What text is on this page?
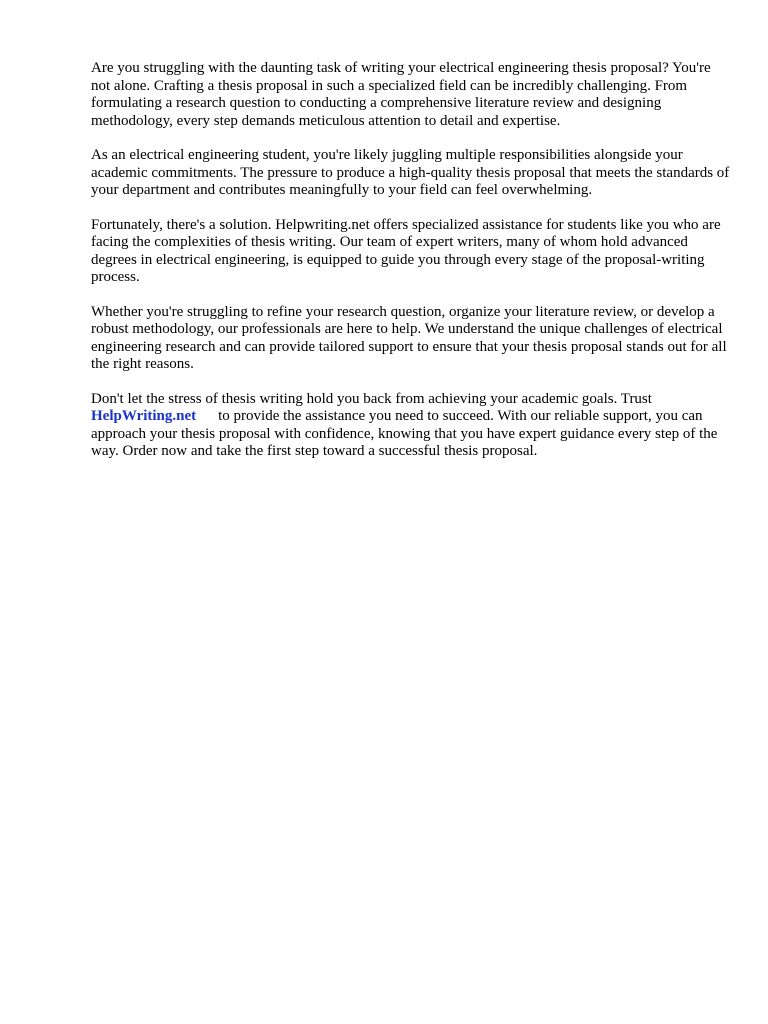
Are you struggling with the daunting task of writing your electrical engineering thesis proposal? You're not alone. Crafting a thesis proposal in such a specialized field can be incredibly challenging. From formulating a research question to conducting a comprehensive literature review and designing methodology, every step demands meticulous attention to detail and expertise.

As an electrical engineering student, you're likely juggling multiple responsibilities alongside your academic commitments. The pressure to produce a high-quality thesis proposal that meets the standards of your department and contributes meaningfully to your field can feel overwhelming.

Fortunately, there's a solution. Helpwriting.net offers specialized assistance for students like you who are facing the complexities of thesis writing. Our team of expert writers, many of whom hold advanced degrees in electrical engineering, is equipped to guide you through every stage of the proposal-writing process.

Whether you're struggling to refine your research question, organize your literature review, or develop a robust methodology, our professionals are here to help. We understand the unique challenges of electrical engineering research and can provide tailored support to ensure that your thesis proposal stands out for all the right reasons.

Don't let the stress of thesis writing hold you back from achieving your academic goals. Trust
HelpWriting.net to provide the assistance you need to succeed. With our reliable support, you can approach your thesis proposal with confidence, knowing that you have expert guidance every step of the way. Order now and take the first step toward a successful thesis proposal.
